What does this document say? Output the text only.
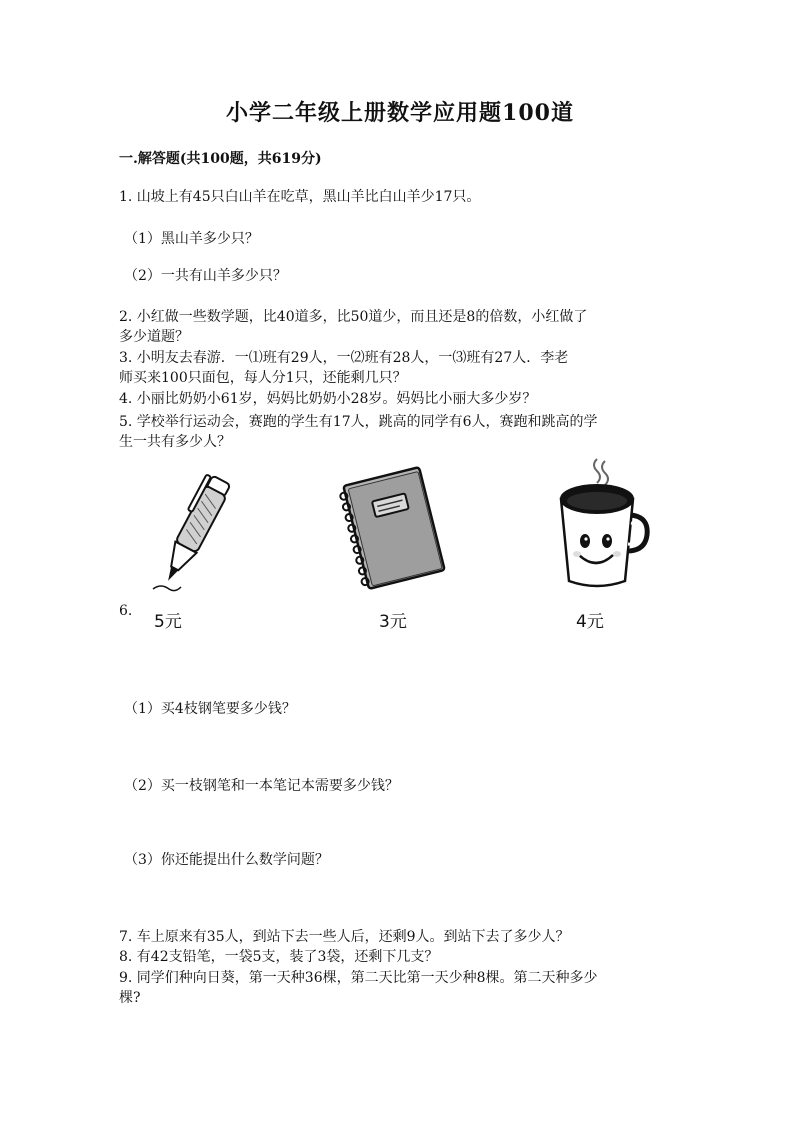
小学二年级上册数学应用题100道
一.解答题(共100题，共619分)
1. 山坡上有45只白山羊在吃草，黑山羊比白山羊少17只。
（1）黑山羊多少只？
（2）一共有山羊多少只？
2. 小红做一些数学题，比40道多，比50道少，而且还是8的倍数，小红做了
多少道题？
3. 小明友去春游．一⑴班有29人，一⑵班有28人，一⑶班有27人．李老
师买来100只面包，每人分1只，还能剩几只？
4. 小丽比奶奶小61岁，妈妈比奶奶小28岁。妈妈比小丽大多少岁？
5. 学校举行运动会，赛跑的学生有17人，跳高的同学有6人，赛跑和跳高的学
生一共有多少人？
6.
5元	3元	4元
（1）买4枝钢笔要多少钱？
（2）买一枝钢笔和一本笔记本需要多少钱？
（3）你还能提出什么数学问题？
7. 车上原来有35人，到站下去一些人后，还剩9人。到站下去了多少人？
8. 有42支铅笔，一袋5支，装了3袋，还剩下几支？
9. 同学们种向日葵，第一天种36棵，第二天比第一天少种8棵。第二天种多少
棵?
